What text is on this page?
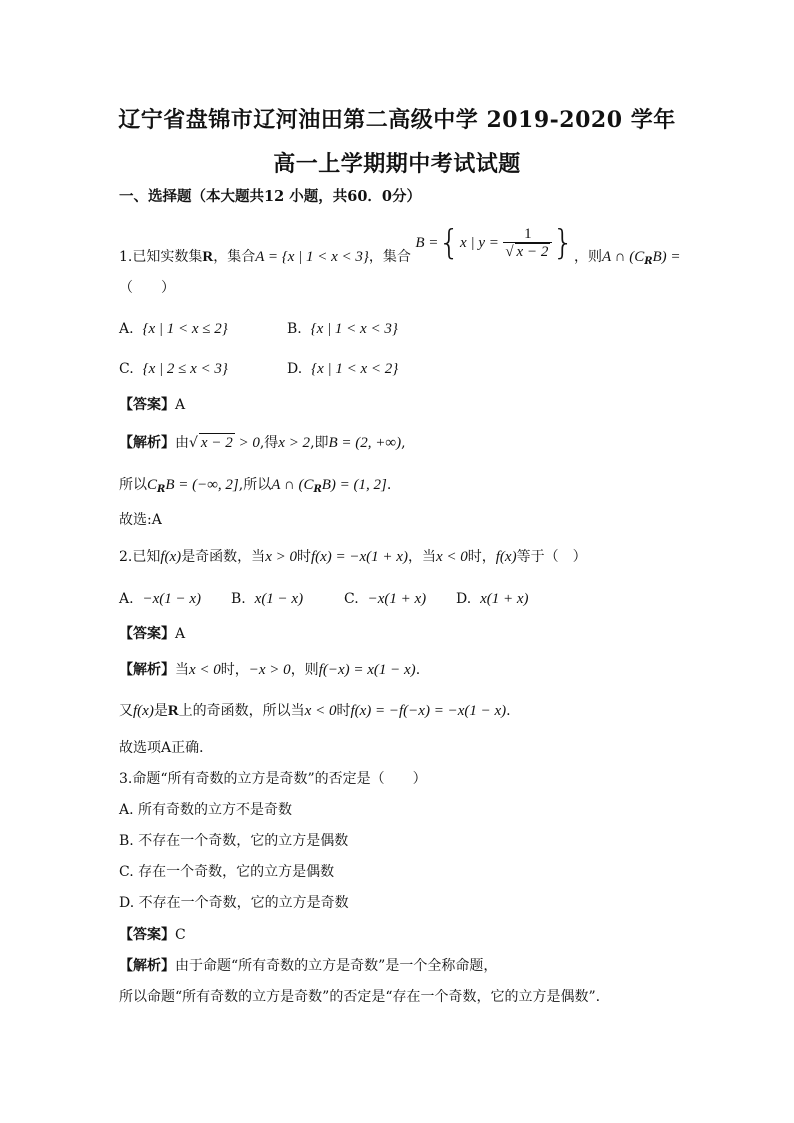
辽宁省盘锦市辽河油田第二高级中学 2019-2020 学年
高一上学期期中考试试题
一、选择题（本大题共12 小题，共60．0分）
1.已知实数集R，集合A = {x | 1 < x < 3}，集合 B ={x | $y = \frac{1}{√ x - 2}$ }，则A ∩ $(C_RB)$ =
（　　）
A. {x | 1 < x ≤ 2}	B. {x | 1 < x < 3}
C. {x | 2 ≤ x < 3}	D. {x | 1 < x < 2}
【答案】A
【解析】由√ x − 2 > 0,得x > 2,即B = (2, +∞),
所以$C_RB$ = (−∞, 2],所以A ∩ $(C_RB) = (1$, 2].
故选:A
2.已知f(x)是奇函数，当x > 0时f(x) = −x(1 + x)，当x < 0时，f(x)等于（　）
A. −x(1 − x) B. x(1 − x)	C. −x(1 + x) D. x(1 + x)
【答案】A
【解析】当x < 0时，−x > 0，则f(−x) = x(1 − x).
又f(x)是R上的奇函数，所以当x < 0时f(x) = −f(−x) = −x(1 − x).
故选项A正确．
3.命题“所有奇数的立方是奇数”的否定是（　　）
A. 所有奇数的立方不是奇数
B. 不存在一个奇数，它的立方是偶数
C. 存在一个奇数，它的立方是偶数
D. 不存在一个奇数，它的立方是奇数
【答案】C
【解析】由于命题“所有奇数的立方是奇数”是一个全称命题，
所以命题“所有奇数的立方是奇数”的否定是“存在一个奇数，它的立方是偶数”.
